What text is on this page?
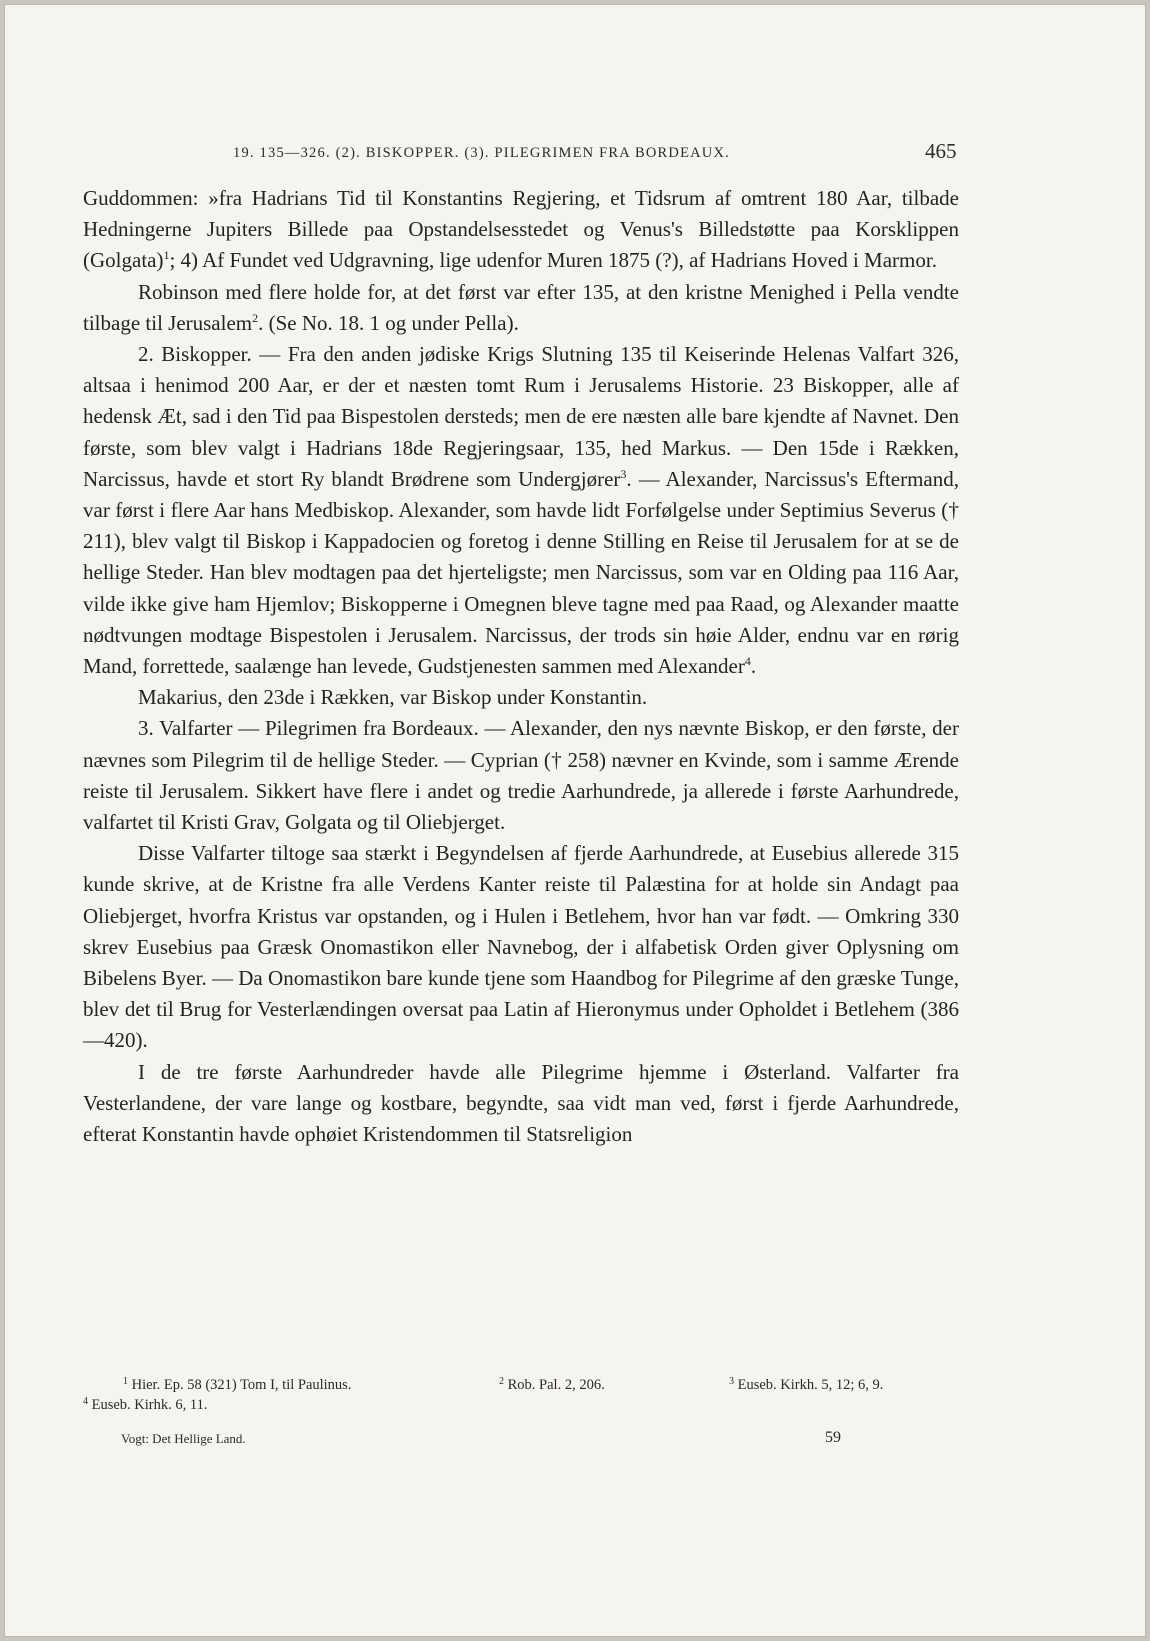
19. 135—326. (2). BISKOPPER. (3). PILEGRIMEN FRA BORDEAUX.	465

Guddommen: »fra Hadrians Tid til Konstantins Regjering, et Tidsrum af omtrent 180 Aar, tilbade Hedningerne Jupiters Billede paa Opstandelsesstedet og Venus's Billedstøtte paa Korsklippen (Golgata)$^1$; 4) Af Fundet ved Udgravning, lige udenfor Muren 1875 (?), af Hadrians Hoved i Marmor.

Robinson med flere holde for, at det først var efter 135, at den kristne Menighed i Pella vendte tilbage til Jerusalem$^2$. (Se No. 18. 1 og under Pella).

2. Biskopper. — Fra den anden jødiske Krigs Slutning 135 til Keiserinde Helenas Valfart 326, altsaa i henimod 200 Aar, er der et næsten tomt Rum i Jerusalems Historie. 23 Biskopper, alle af hedensk Æt, sad i den Tid paa Bispestolen dersteds; men de ere næsten alle bare kjendte af Navnet. Den første, som blev valgt i Hadrians 18de Regjeringsaar, 135, hed Markus. — Den 15de i Rækken, Narcissus, havde et stort Ry blandt Brødrene som Undergjører$^3$. — Alexander, Narcissus's Eftermand, var først i flere Aar hans Medbiskop. Alexander, som havde lidt Forfølgelse under Septimius Severus († 211), blev valgt til Biskop i Kappadocien og foretog i denne Stilling en Reise til Jerusalem for at se de hellige Steder. Han blev modtagen paa det hjerteligste; men Narcissus, som var en Olding paa 116 Aar, vilde ikke give ham Hjemlov; Biskopperne i Omegnen bleve tagne med paa Raad, og Alexander maatte nødtvungen modtage Bispestolen i Jerusalem. Narcissus, der trods sin høie Alder, endnu var en rørig Mand, forrettede, saalænge han levede, Gudstjenesten sammen med Alexander$^4$.

Makarius, den 23de i Rækken, var Biskop under Konstantin.

3. Valfarter — Pilegrimen fra Bordeaux. — Alexander, den nys nævnte Biskop, er den første, der nævnes som Pilegrim til de hellige Steder. — Cyprian († 258) nævner en Kvinde, som i samme Ærende reiste til Jerusalem. Sikkert have flere i andet og tredie Aarhundrede, ja allerede i første Aarhundrede, valfartet til Kristi Grav, Golgata og til Oliebjerget.

Disse Valfarter tiltoge saa stærkt i Begyndelsen af fjerde Aarhundrede, at Eusebius allerede 315 kunde skrive, at de Kristne fra alle Verdens Kanter reiste til Palæstina for at holde sin Andagt paa Oliebjerget, hvorfra Kristus var opstanden, og i Hulen i Betlehem, hvor han var født. — Omkring 330 skrev Eusebius paa Græsk Onomastikon eller Navnebog, der i alfabetisk Orden giver Oplysning om Bibelens Byer. — Da Onomastikon bare kunde tjene som Haandbog for Pilegrime af den græske Tunge, blev det til Brug for Vesterlændingen oversat paa Latin af Hieronymus under Opholdet i Betlehem (386—420).

I de tre første Aarhundreder havde alle Pilegrime hjemme i Østerland. Valfarter fra Vesterlandene, der vare lange og kostbare, begyndte, saa vidt man ved, først i fjerde Aarhundrede, efterat Konstantin havde ophøiet Kristendommen til Statsreligion

$^1$ Hier. Ep. 58 (321) Tom I, til Paulinus.	$^2$ Rob. Pal. 2, 206.	$^3$ Euseb. Kirkh. 5, 12; 6, 9.
$^4$ Euseb. Kirhk. 6, 11.
Vogt: Det Hellige Land.	59
